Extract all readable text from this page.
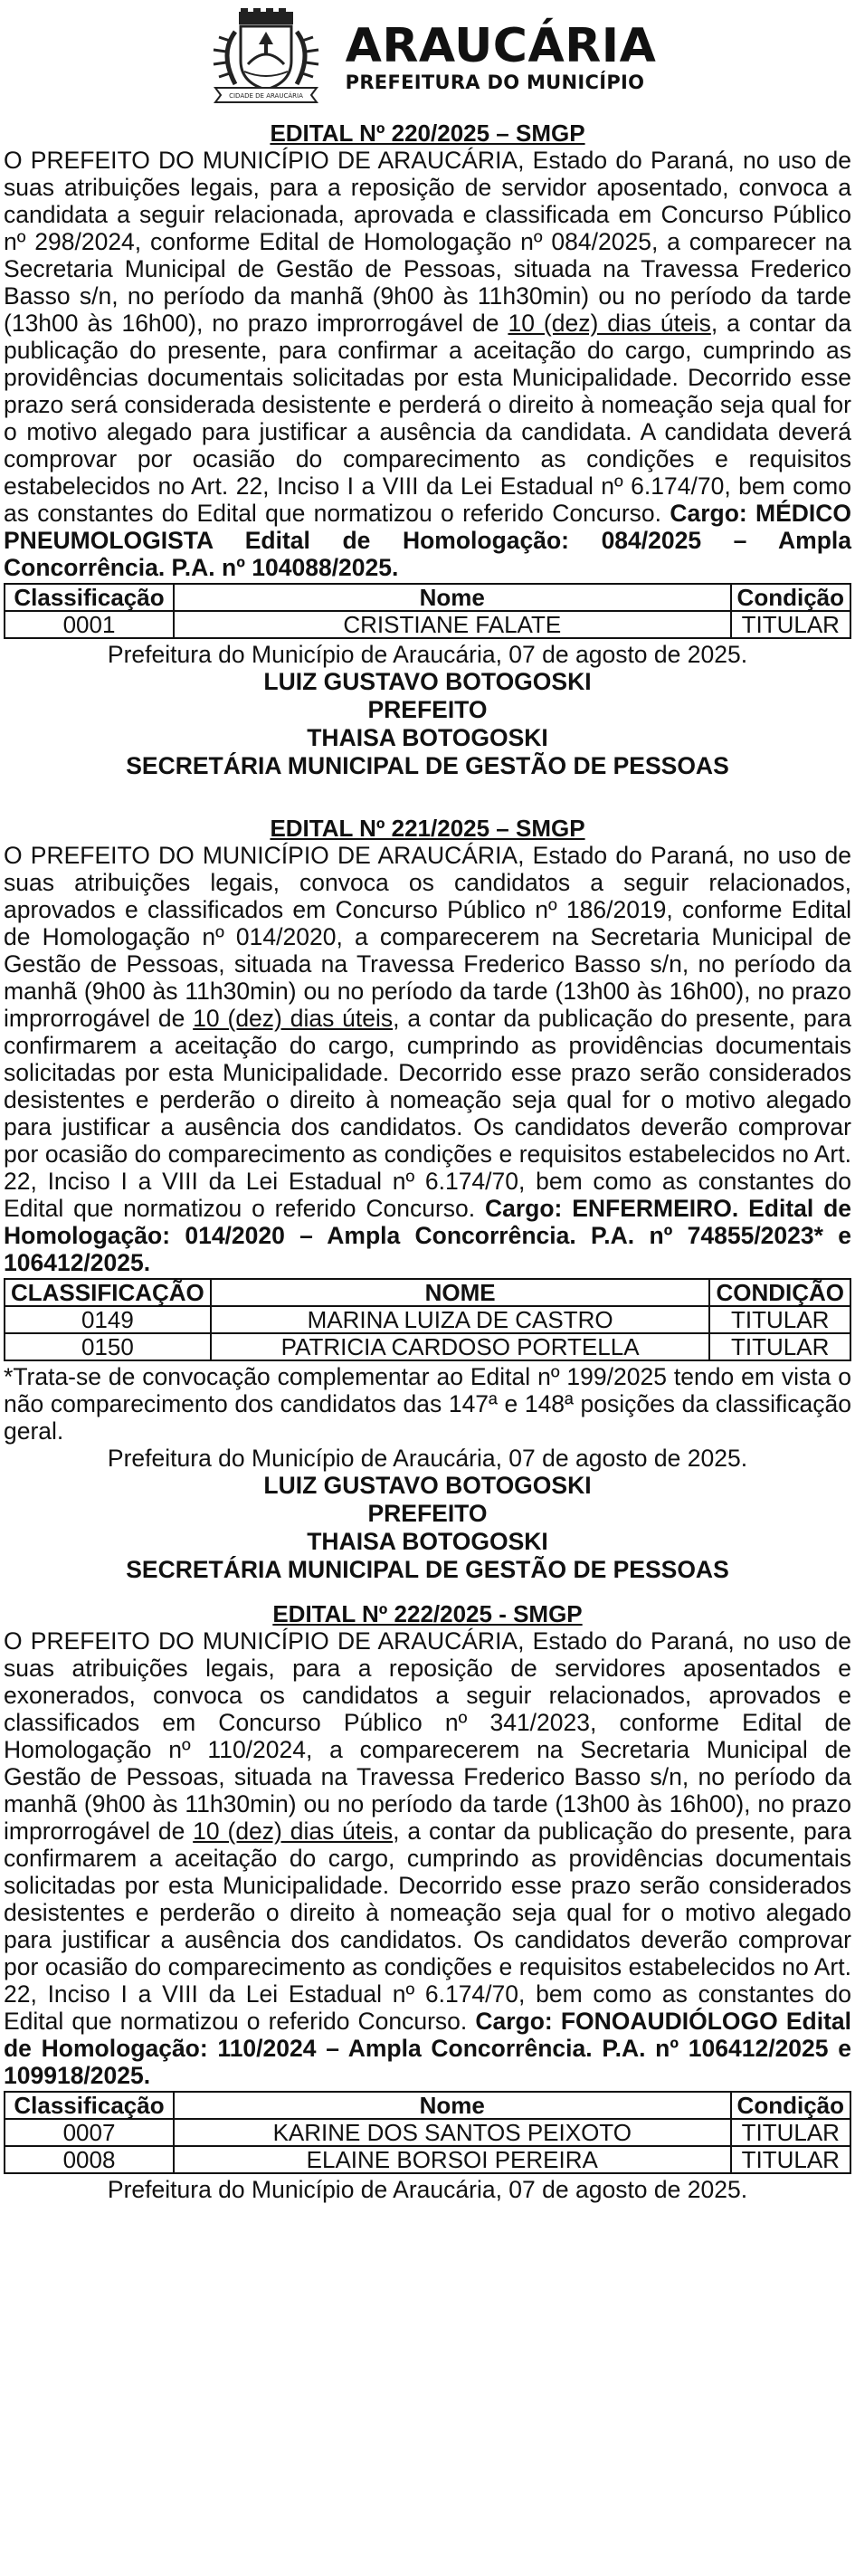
CIDADE DE ARAUCÁRIA
ARAUCÁRIA
PREFEITURA DO MUNICÍPIO
EDITAL Nº 220/2025 – SMGP

O PREFEITO DO MUNICÍPIO DE ARAUCÁRIA, Estado do Paraná, no uso de suas atribuições legais, para a reposição de servidor aposentado, convoca a candidata a seguir relacionada, aprovada e classificada em Concurso Público nº 298/2024, conforme Edital de Homologação nº 084/2025, a comparecer na Secretaria Municipal de Gestão de Pessoas, situada na Travessa Frederico Basso s/n, no período da manhã (9h00 às 11h30min) ou no período da tarde (13h00 às 16h00), no prazo improrrogável de 10 (dez) dias úteis, a contar da publicação do presente, para confirmar a aceitação do cargo, cumprindo as providências documentais solicitadas por esta Municipalidade. Decorrido esse prazo será considerada desistente e perderá o direito à nomeação seja qual for o motivo alegado para justificar a ausência da candidata. A candidata deverá comprovar por ocasião do comparecimento as condições e requisitos estabelecidos no Art. 22, Inciso I a VIII da Lei Estadual nº 6.174/70, bem como as constantes do Edital que normatizou o referido Concurso. Cargo: MÉDICO PNEUMOLOGISTA Edital de Homologação: 084/2025 – Ampla Concorrência. P.A. nº 104088/2025.

Classificação	Nome	Condição
0001	CRISTIANE FALATE	TITULAR

Prefeitura do Município de Araucária, 07 de agosto de 2025.

LUIZ GUSTAVO BOTOGOSKI

PREFEITO

THAISA BOTOGOSKI

SECRETÁRIA MUNICIPAL DE GESTÃO DE PESSOAS

EDITAL Nº 221/2025 – SMGP

O PREFEITO DO MUNICÍPIO DE ARAUCÁRIA, Estado do Paraná, no uso de suas atribuições legais, convoca os candidatos a seguir relacionados, aprovados e classificados em Concurso Público nº 186/2019, conforme Edital de Homologação nº 014/2020, a comparecerem na Secretaria Municipal de Gestão de Pessoas, situada na Travessa Frederico Basso s/n, no período da manhã (9h00 às 11h30min) ou no período da tarde (13h00 às 16h00), no prazo improrrogável de 10 (dez) dias úteis, a contar da publicação do presente, para confirmarem a aceitação do cargo, cumprindo as providências documentais solicitadas por esta Municipalidade. Decorrido esse prazo serão considerados desistentes e perderão o direito à nomeação seja qual for o motivo alegado para justificar a ausência dos candidatos. Os candidatos deverão comprovar por ocasião do comparecimento as condições e requisitos estabelecidos no Art. 22, Inciso I a VIII da Lei Estadual nº 6.174/70, bem como as constantes do Edital que normatizou o referido Concurso. Cargo: ENFERMEIRO. Edital de Homologação: 014/2020 – Ampla Concorrência. P.A. nº 74855/2023* e 106412/2025.

CLASSIFICAÇÃO	NOME	CONDIÇÃO
0149	MARINA LUIZA DE CASTRO	TITULAR
0150	PATRICIA CARDOSO PORTELLA	TITULAR

*Trata-se de convocação complementar ao Edital nº 199/2025 tendo em vista o não comparecimento dos candidatos das 147ª e 148ª posições da classificação geral.

Prefeitura do Município de Araucária, 07 de agosto de 2025.

LUIZ GUSTAVO BOTOGOSKI

PREFEITO

THAISA BOTOGOSKI

SECRETÁRIA MUNICIPAL DE GESTÃO DE PESSOAS

EDITAL Nº 222/2025 - SMGP

O PREFEITO DO MUNICÍPIO DE ARAUCÁRIA, Estado do Paraná, no uso de suas atribuições legais, para a reposição de servidores aposentados e exonerados, convoca os candidatos a seguir relacionados, aprovados e classificados em Concurso Público nº 341/2023, conforme Edital de Homologação nº 110/2024, a comparecerem na Secretaria Municipal de Gestão de Pessoas, situada na Travessa Frederico Basso s/n, no período da manhã (9h00 às 11h30min) ou no período da tarde (13h00 às 16h00), no prazo improrrogável de 10 (dez) dias úteis, a contar da publicação do presente, para confirmarem a aceitação do cargo, cumprindo as providências documentais solicitadas por esta Municipalidade. Decorrido esse prazo serão considerados desistentes e perderão o direito à nomeação seja qual for o motivo alegado para justificar a ausência dos candidatos. Os candidatos deverão comprovar por ocasião do comparecimento as condições e requisitos estabelecidos no Art. 22, Inciso I a VIII da Lei Estadual nº 6.174/70, bem como as constantes do Edital que normatizou o referido Concurso. Cargo: FONOAUDIÓLOGO Edital de Homologação: 110/2024 – Ampla Concorrência. P.A. nº 106412/2025 e 109918/2025.

Classificação	Nome	Condição
0007	KARINE DOS SANTOS PEIXOTO	TITULAR
0008	ELAINE BORSOI PEREIRA	TITULAR

Prefeitura do Município de Araucária, 07 de agosto de 2025.
